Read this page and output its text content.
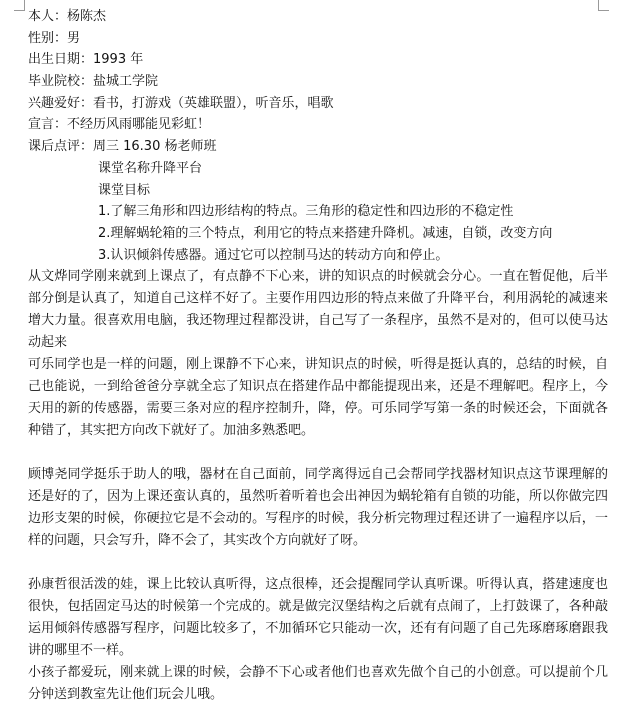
本人：杨陈杰
性别：男
出生日期：1993 年
毕业院校：盐城工学院
兴趣爱好：看书，打游戏（英雄联盟），听音乐，唱歌
宣言：不经历风雨哪能见彩虹！
课后点评：周三 16.30 杨老师班
课堂名称升降平台
课堂目标
1.了解三角形和四边形结构的特点。三角形的稳定性和四边形的不稳定性
2.理解蜗轮箱的三个特点，利用它的特点来搭建升降机。减速，自锁，改变方向
3.认识倾斜传感器。通过它可以控制马达的转动方向和停止。
从文烨同学刚来就到上课点了，有点静不下心来，讲的知识点的时候就会分心。一直在暂促他，后半部分倒是认真了，知道自己这样不好了。主要作用四边形的特点来做了升降平台，利用涡轮的减速来增大力量。很喜欢用电脑，我还物理过程都没讲，自己写了一条程序，虽然不是对的，但可以使马达动起来
可乐同学也是一样的问题，刚上课静不下心来，讲知识点的时候，听得是挺认真的，总结的时候，自己也能说，一到给爸爸分享就全忘了知识点在搭建作品中都能提现出来，还是不理解吧。程序上，今天用的新的传感器，需要三条对应的程序控制升，降，停。可乐同学写第一条的时候还会，下面就各种错了，其实把方向改下就好了。加油多熟悉吧。
顾博尧同学挺乐于助人的哦，器材在自己面前，同学离得远自己会帮同学找器材知识点这节课理解的还是好的了，因为上课还蛮认真的，虽然听着听着也会出神因为蜗轮箱有自锁的功能，所以你做完四边形支架的时候，你硬拉它是不会动的。写程序的时候，我分析完物理过程还讲了一遍程序以后，一样的问题，只会写升，降不会了，其实改个方向就好了呀。
孙康哲很活泼的娃，课上比较认真听得，这点很棒，还会提醒同学认真听课。听得认真，搭建速度也很快，包括固定马达的时候第一个完成的。就是做完汉堡结构之后就有点闹了，上打鼓课了，各种敲运用倾斜传感器写程序，问题比较多了，不加循环它只能动一次，还有有问题了自己先琢磨琢磨跟我讲的哪里不一样。
小孩子都爱玩，刚来就上课的时候，会静不下心或者他们也喜欢先做个自己的小创意。可以提前个几分钟送到教室先让他们玩会儿哦。
